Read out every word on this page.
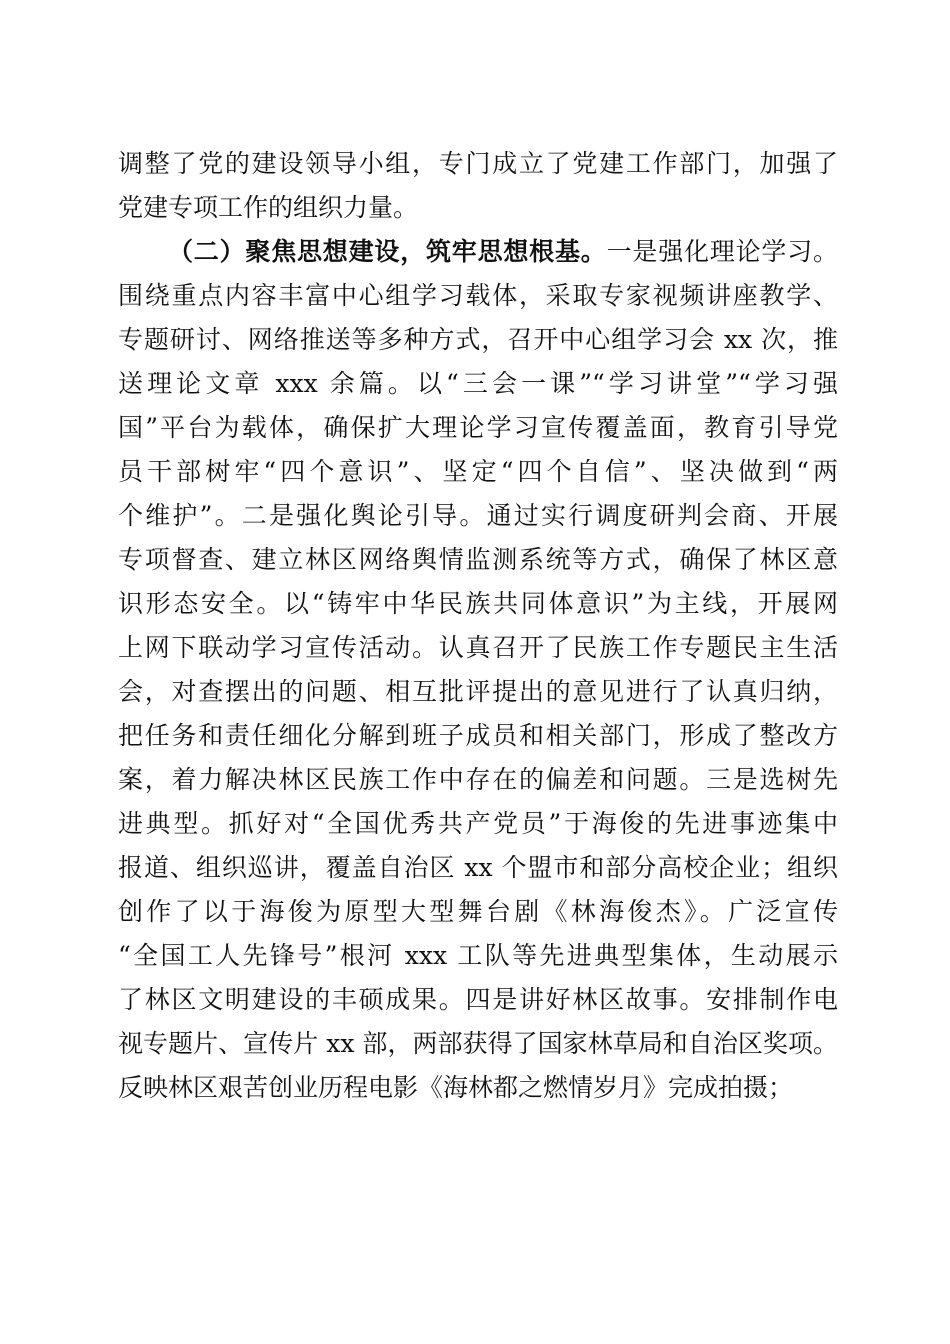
调整了党的建设领导小组，专门成立了党建工作部门，加强了
党建专项工作的组织力量。
（二）聚焦思想建设，筑牢思想根基。一是强化理论学习。
围绕重点内容丰富中心组学习载体，采取专家视频讲座教学、
专题研讨、网络推送等多种方式，召开中心组学习会 xx 次，推
送理论文章 xxx 余篇。以“三会一课”“学习讲堂”“学习强
国”平台为载体，确保扩大理论学习宣传覆盖面，教育引导党
员干部树牢“四个意识”、坚定“四个自信”、坚决做到“两
个维护”。二是强化舆论引导。通过实行调度研判会商、开展
专项督查、建立林区网络舆情监测系统等方式，确保了林区意
识形态安全。以“铸牢中华民族共同体意识”为主线，开展网
上网下联动学习宣传活动。认真召开了民族工作专题民主生活
会，对查摆出的问题、相互批评提出的意见进行了认真归纳，
把任务和责任细化分解到班子成员和相关部门，形成了整改方
案，着力解决林区民族工作中存在的偏差和问题。三是选树先
进典型。抓好对“全国优秀共产党员”于海俊的先进事迹集中
报道、组织巡讲，覆盖自治区 xx 个盟市和部分高校企业；组织
创作了以于海俊为原型大型舞台剧《林海俊杰》。广泛宣传
“全国工人先锋号”根河 xxx 工队等先进典型集体，生动展示
了林区文明建设的丰硕成果。四是讲好林区故事。安排制作电
视专题片、宣传片 xx 部，两部获得了国家林草局和自治区奖项。
反映林区艰苦创业历程电影《海林都之燃情岁月》完成拍摄；
